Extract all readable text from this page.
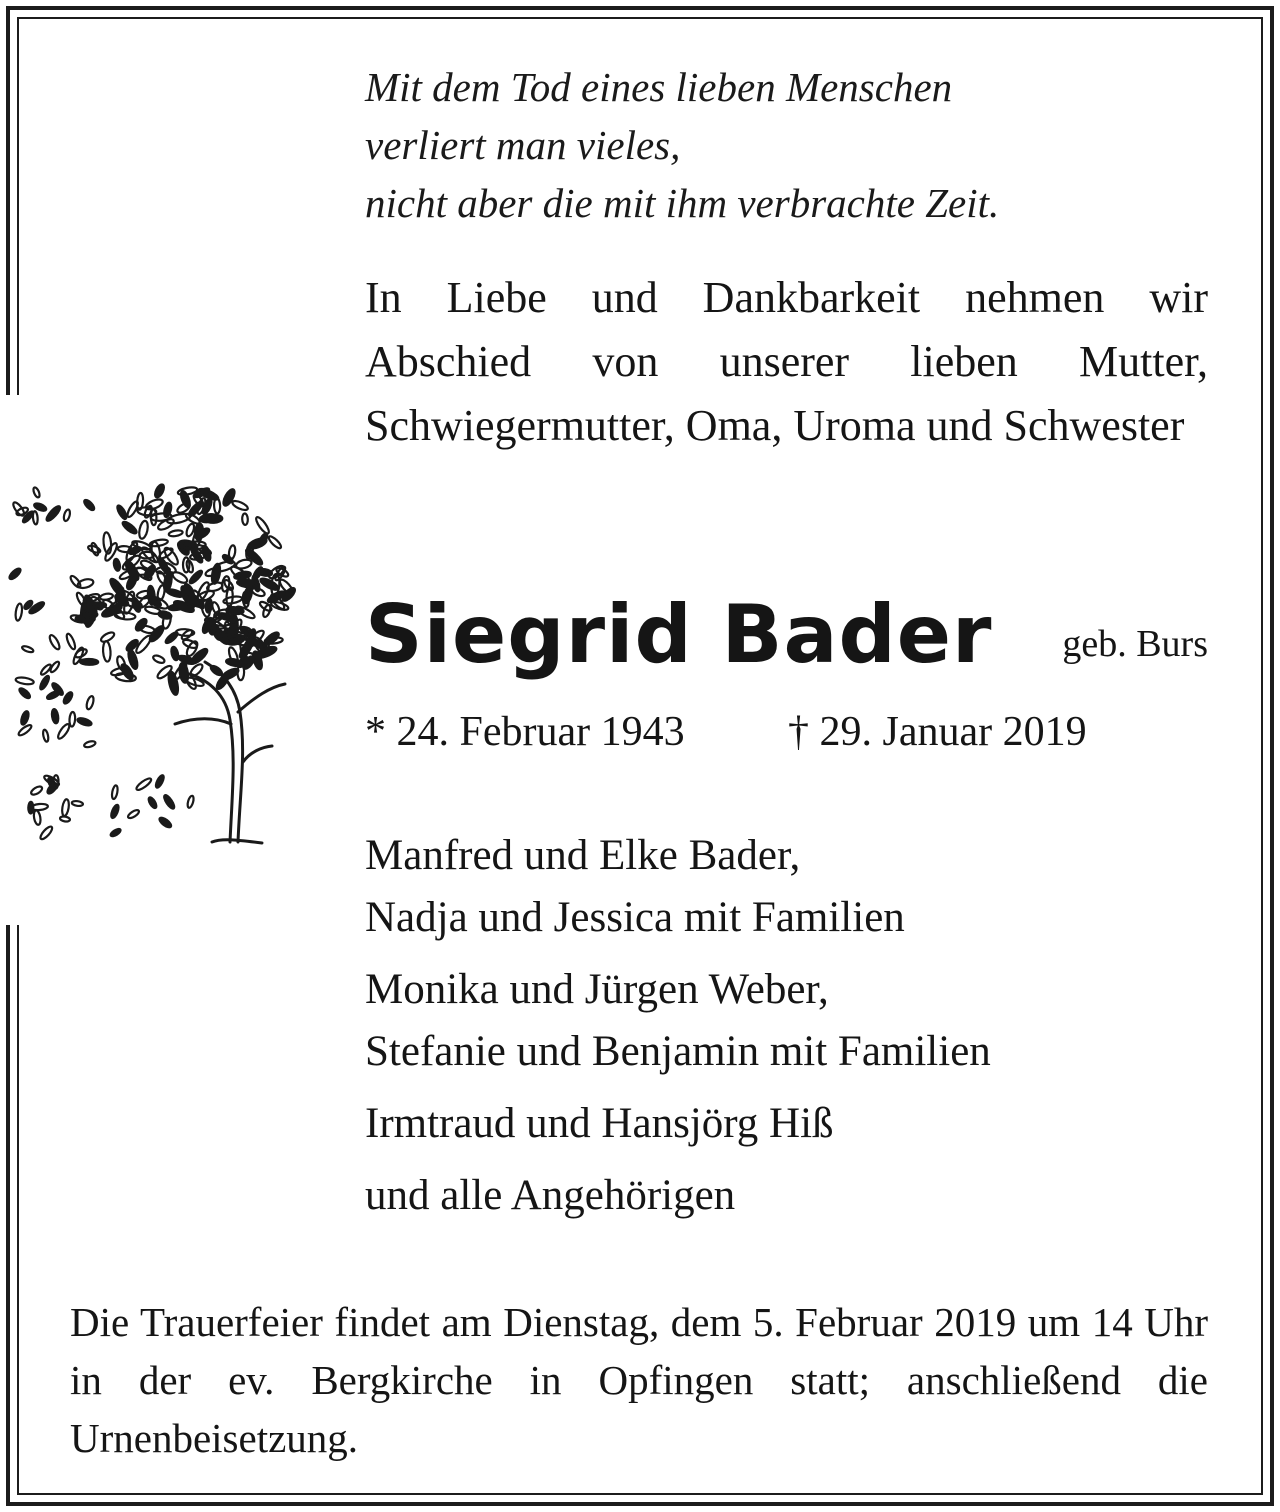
Mit dem Tod eines lieben Menschen
verliert man vieles,
nicht aber die mit ihm verbrachte Zeit.
In Liebe und Dankbarkeit nehmen wir Abschied von unserer lieben Mutter, Schwiegermutter, Oma, Uroma und Schwester
Siegrid Bader geb. Burs
* 24. Februar 1943 † 29. Januar 2019
Manfred und Elke Bader,
Nadja und Jessica mit Familien
Monika und Jürgen Weber,
Stefanie und Benjamin mit Familien
Irmtraud und Hansjörg Hiß
und alle Angehörigen
Die Trauerfeier findet am Dienstag, dem 5. Februar 2019 um 14 Uhr in der ev. Bergkirche in Opfingen statt; anschließend die Urnenbeisetzung.
